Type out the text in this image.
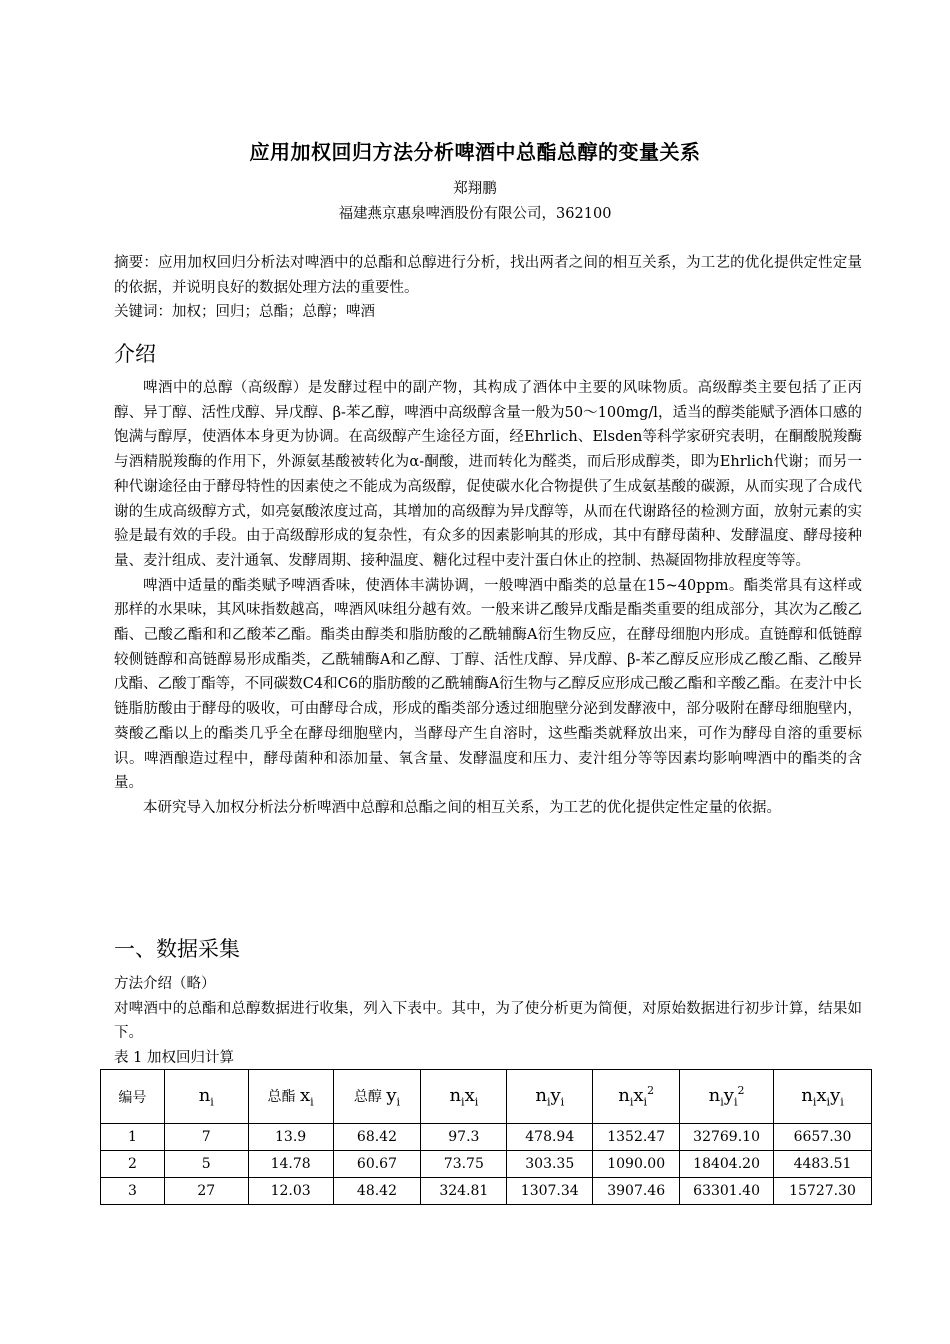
应用加权回归方法分析啤酒中总酯总醇的变量关系
郑翔鹏
福建燕京惠泉啤酒股份有限公司，362100
摘要：应用加权回归分析法对啤酒中的总酯和总醇进行分析，找出两者之间的相互关系，为工艺的优化提供定性定量的依据，并说明良好的数据处理方法的重要性。
关键词：加权；回归；总酯；总醇；啤酒
介绍

啤酒中的总醇（高级醇）是发酵过程中的副产物，其构成了酒体中主要的风味物质。高级醇类主要包括了正丙醇、异丁醇、活性戊醇、异戊醇、β-苯乙醇，啤酒中高级醇含量一般为50～100mg/l，适当的醇类能赋予酒体口感的饱满与醇厚，使酒体本身更为协调。在高级醇产生途径方面，经Ehrlich、Elsden等科学家研究表明，在酮酸脱羧酶与酒精脱羧酶的作用下，外源氨基酸被转化为α-酮酸，进而转化为醛类，而后形成醇类，即为Ehrlich代谢；而另一种代谢途径由于酵母特性的因素使之不能成为高级醇，促使碳水化合物提供了生成氨基酸的碳源，从而实现了合成代谢的生成高级醇方式，如亮氨酸浓度过高，其增加的高级醇为异戊醇等，从而在代谢路径的检测方面，放射元素的实验是最有效的手段。由于高级醇形成的复杂性，有众多的因素影响其的形成，其中有酵母菌种、发酵温度、酵母接种量、麦汁组成、麦汁通氧、发酵周期、接种温度、糖化过程中麦汁蛋白休止的控制、热凝固物排放程度等等。

啤酒中适量的酯类赋予啤酒香味，使酒体丰满协调，一般啤酒中酯类的总量在15~40ppm。酯类常具有这样或那样的水果味，其风味指数越高，啤酒风味组分越有效。一般来讲乙酸异戊酯是酯类重要的组成部分，其次为乙酸乙酯、己酸乙酯和和乙酸苯乙酯。酯类由醇类和脂肪酸的乙酰辅酶A衍生物反应，在酵母细胞内形成。直链醇和低链醇较侧链醇和高链醇易形成酯类，乙酰辅酶A和乙醇、丁醇、活性戊醇、异戊醇、β-苯乙醇反应形成乙酸乙酯、乙酸异戊酯、乙酸丁酯等，不同碳数C4和C6的脂肪酸的乙酰辅酶A衍生物与乙醇反应形成己酸乙酯和辛酸乙酯。在麦汁中长链脂肪酸由于酵母的吸收，可由酵母合成，形成的酯类部分透过细胞壁分泌到发酵液中，部分吸附在酵母细胞壁内，葵酸乙酯以上的酯类几乎全在酵母细胞壁内，当酵母产生自溶时，这些酯类就释放出来，可作为酵母自溶的重要标识。啤酒酿造过程中，酵母菌种和添加量、氧含量、发酵温度和压力、麦汁组分等等因素均影响啤酒中的酯类的含量。

本研究导入加权分析法分析啤酒中总醇和总酯之间的相互关系，为工艺的优化提供定性定量的依据。

一、数据采集

方法介绍（略）

对啤酒中的总酯和总醇数据进行收集，列入下表中。其中，为了使分析更为简便，对原始数据进行初步计算，结果如下。

表 1 加权回归计算
编号	$n_i$	总酯 $x_i$	总醇 $y_i$	$n_ix_i$	$n_iy_i$	$n_ix_i^2$	$n_iy_i^2$	$n_ix_iy_i$
1	7	13.9	68.42	97.3	478.94	1352.47	32769.10	6657.30
2	5	14.78	60.67	73.75	303.35	1090.00	18404.20	4483.51
3	27	12.03	48.42	324.81	1307.34	3907.46	63301.40	15727.30
